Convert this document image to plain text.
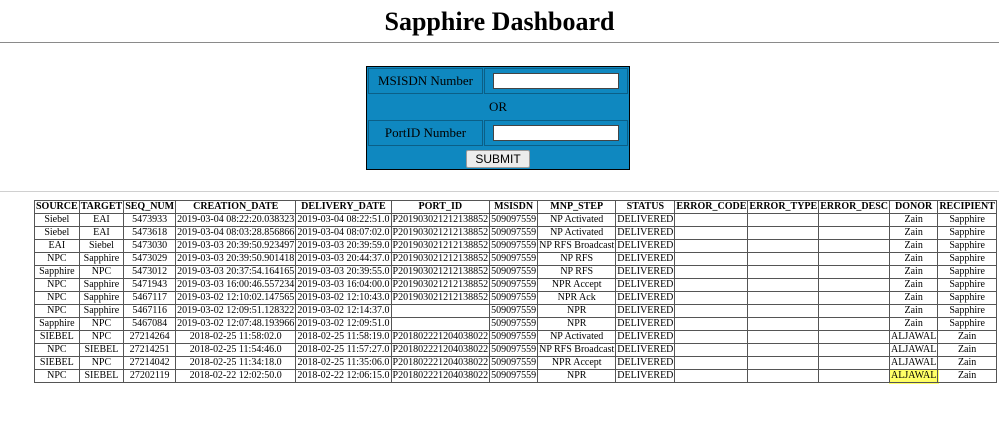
Sapphire Dashboard
MSISDN Number	
OR	
PortID Number	
SUBMIT	
SOURCE	TARGET	SEQ_NUM	CREATION_DATE	DELIVERY_DATE	PORT_ID	MSISDN	MNP_STEP	STATUS	ERROR_CODE	ERROR_TYPE	ERROR_DESC	DONOR	RECIPIENT
Siebel	EAI	5473933	2019-03-04 08:22:20.038323	2019-03-04 08:22:51.0	P201903021212138852	509097559	NP Activated	DELIVERED				Zain	Sapphire
Siebel	EAI	5473618	2019-03-04 08:03:28.856866	2019-03-04 08:07:02.0	P201903021212138852	509097559	NP Activated	DELIVERED				Zain	Sapphire
EAI	Siebel	5473030	2019-03-03 20:39:50.923497	2019-03-03 20:39:59.0	P201903021212138852	509097559	NP RFS Broadcast	DELIVERED				Zain	Sapphire
NPC	Sapphire	5473029	2019-03-03 20:39:50.901418	2019-03-03 20:44:37.0	P201903021212138852	509097559	NP RFS	DELIVERED				Zain	Sapphire
Sapphire	NPC	5473012	2019-03-03 20:37:54.164165	2019-03-03 20:39:55.0	P201903021212138852	509097559	NP RFS	DELIVERED				Zain	Sapphire
NPC	Sapphire	5471943	2019-03-03 16:00:46.557234	2019-03-03 16:04:00.0	P201903021212138852	509097559	NPR Accept	DELIVERED				Zain	Sapphire
NPC	Sapphire	5467117	2019-03-02 12:10:02.147565	2019-03-02 12:10:43.0	P201903021212138852	509097559	NPR Ack	DELIVERED				Zain	Sapphire
NPC	Sapphire	5467116	2019-03-02 12:09:51.128322	2019-03-02 12:14:37.0		509097559	NPR	DELIVERED				Zain	Sapphire
Sapphire	NPC	5467084	2019-03-02 12:07:48.193966	2019-03-02 12:09:51.0		509097559	NPR	DELIVERED				Zain	Sapphire
SIEBEL	NPC	27214264	2018-02-25 11:58:02.0	2018-02-25 11:58:19.0	P201802221204038022	509097559	NP Activated	DELIVERED				ALJAWAL	Zain
NPC	SIEBEL	27214251	2018-02-25 11:54:46.0	2018-02-25 11:57:27.0	P201802221204038022	509097559	NP RFS Broadcast	DELIVERED				ALJAWAL	Zain
SIEBEL	NPC	27214042	2018-02-25 11:34:18.0	2018-02-25 11:35:06.0	P201802221204038022	509097559	NPR Accept	DELIVERED				ALJAWAL	Zain
NPC	SIEBEL	27202119	2018-02-22 12:02:50.0	2018-02-22 12:06:15.0	P201802221204038022	509097559	NPR	DELIVERED				ALJAWAL	Zain
